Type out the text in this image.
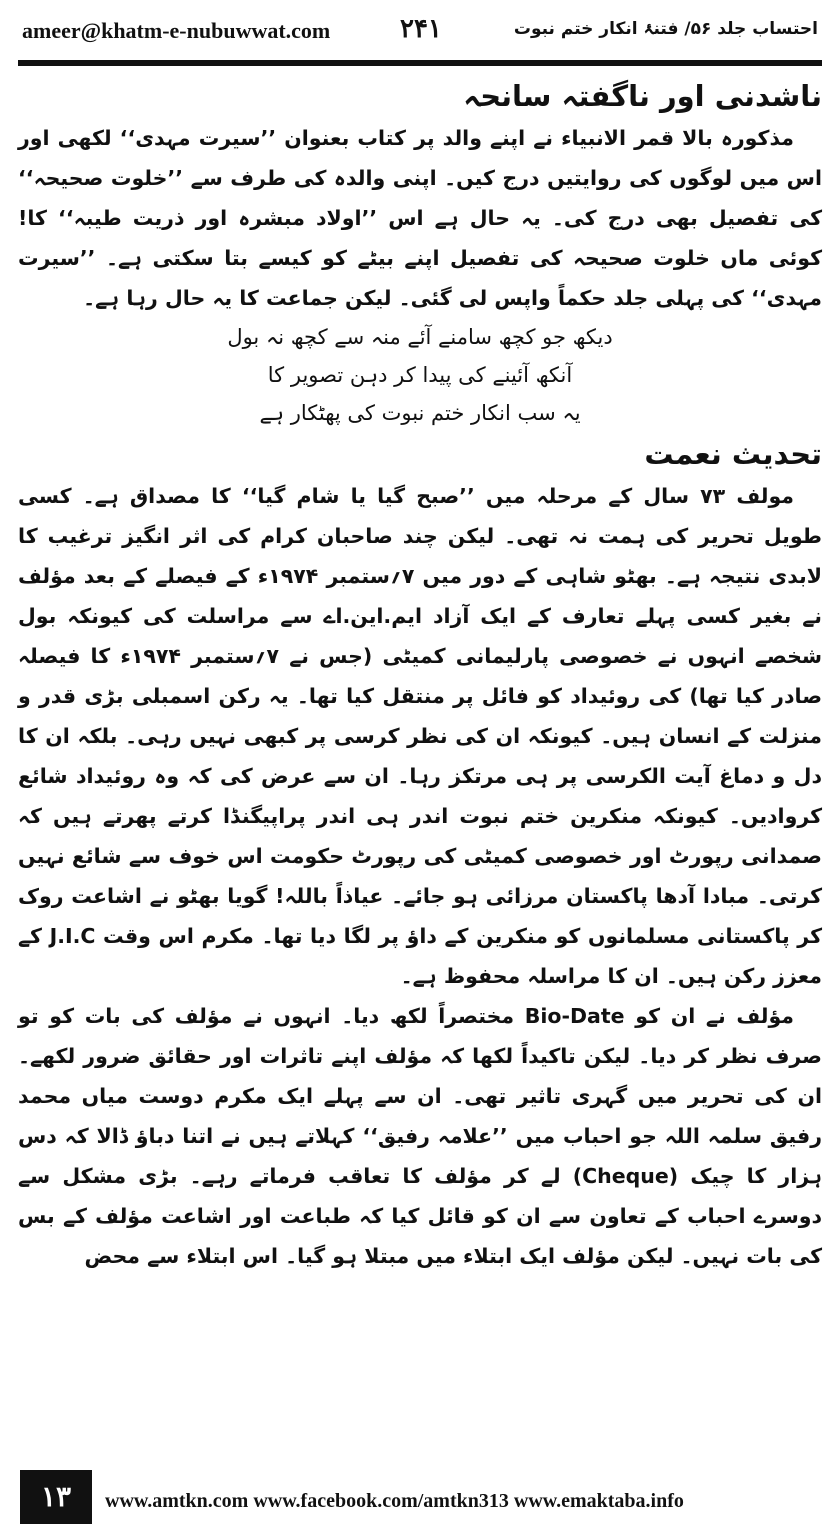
ameer@khatm-e-nubuwwat.com	۲۴۱	احتساب جلد ۵۶/ فتنۂ انکار ختم نبوت

ناشدنی اور ناگفتہ سانحہ

مذکورہ بالا قمر الانبیاء نے اپنے والد پر کتاب بعنوان ’’سیرت مہدی‘‘ لکھی اور اس میں لوگوں کی روایتیں درج کیں۔ اپنی والدہ کی طرف سے ’’خلوت صحیحہ‘‘ کی تفصیل بھی درج کی۔ یہ حال ہے اس ’’اولاد مبشرہ اور ذریت طیبہ‘‘ کا! کوئی ماں خلوت صحیحہ کی تفصیل اپنے بیٹے کو کیسے بتا سکتی ہے۔ ’’سیرت مہدی‘‘ کی پہلی جلد حکماً واپس لی گئی۔ لیکن جماعت کا یہ حال رہا ہے۔

دیکھ جو کچھ سامنے آئے منہ سے کچھ نہ بول
آنکھ آئینے کی پیدا کر دہن تصویر کا
یہ سب انکار ختم نبوت کی پھٹکار ہے

تحدیث نعمت

مولف ۷۳ سال کے مرحلہ میں ’’صبح گیا یا شام گیا‘‘ کا مصداق ہے۔ کسی طویل تحریر کی ہمت نہ تھی۔ لیکن چند صاحبان کرام کی اثر انگیز ترغیب کا لابدی نتیجہ ہے۔ بھٹو شاہی کے دور میں ۷؍ستمبر ۱۹۷۴ء کے فیصلے کے بعد مؤلف نے بغیر کسی پہلے تعارف کے ایک آزاد ایم.این.اے سے مراسلت کی کیونکہ بول شخصے انہوں نے خصوصی پارلیمانی کمیٹی (جس نے ۷؍ستمبر ۱۹۷۴ء کا فیصلہ صادر کیا تھا) کی روئیداد کو فائل پر منتقل کیا تھا۔ یہ رکن اسمبلی بڑی قدر و منزلت کے انسان ہیں۔ کیونکہ ان کی نظر کرسی پر کبھی نہیں رہی۔ بلکہ ان کا دل و دماغ آیت الکرسی پر ہی مرتکز رہا۔ ان سے عرض کی کہ وہ روئیداد شائع کروادیں۔ کیونکہ منکرین ختم نبوت اندر ہی اندر پراپیگنڈا کرتے پھرتے ہیں کہ صمدانی رپورٹ اور خصوصی کمیٹی کی رپورٹ حکومت اس خوف سے شائع نہیں کرتی۔ مبادا آدھا پاکستان مرزائی ہو جائے۔ عیاذاً باللہ! گویا بھٹو نے اشاعت روک کر پاکستانی مسلمانوں کو منکرین کے داؤ پر لگا دیا تھا۔ مکرم اس وقت J.I.C کے معزز رکن ہیں۔ ان کا مراسلہ محفوظ ہے۔

مؤلف نے ان کو Bio-Date مختصراً لکھ دیا۔ انہوں نے مؤلف کی بات کو تو صرف نظر کر دیا۔ لیکن تاکیداً لکھا کہ مؤلف اپنے تاثرات اور حقائق ضرور لکھے۔ ان کی تحریر میں گہری تاثیر تھی۔ ان سے پہلے ایک مکرم دوست میاں محمد رفیق سلمہ اللہ جو احباب میں ’’علامہ رفیق‘‘ کہلاتے ہیں نے اتنا دباؤ ڈالا کہ دس ہزار کا چیک (Cheque) لے کر مؤلف کا تعاقب فرماتے رہے۔ بڑی مشکل سے دوسرے احباب کے تعاون سے ان کو قائل کیا کہ طباعت اور اشاعت مؤلف کے بس کی بات نہیں۔ لیکن مؤلف ایک ابتلاء میں مبتلا ہو گیا۔ اس ابتلاء سے محض

۱۳	www.amtkn.com www.facebook.com/amtkn313 www.emaktaba.info
